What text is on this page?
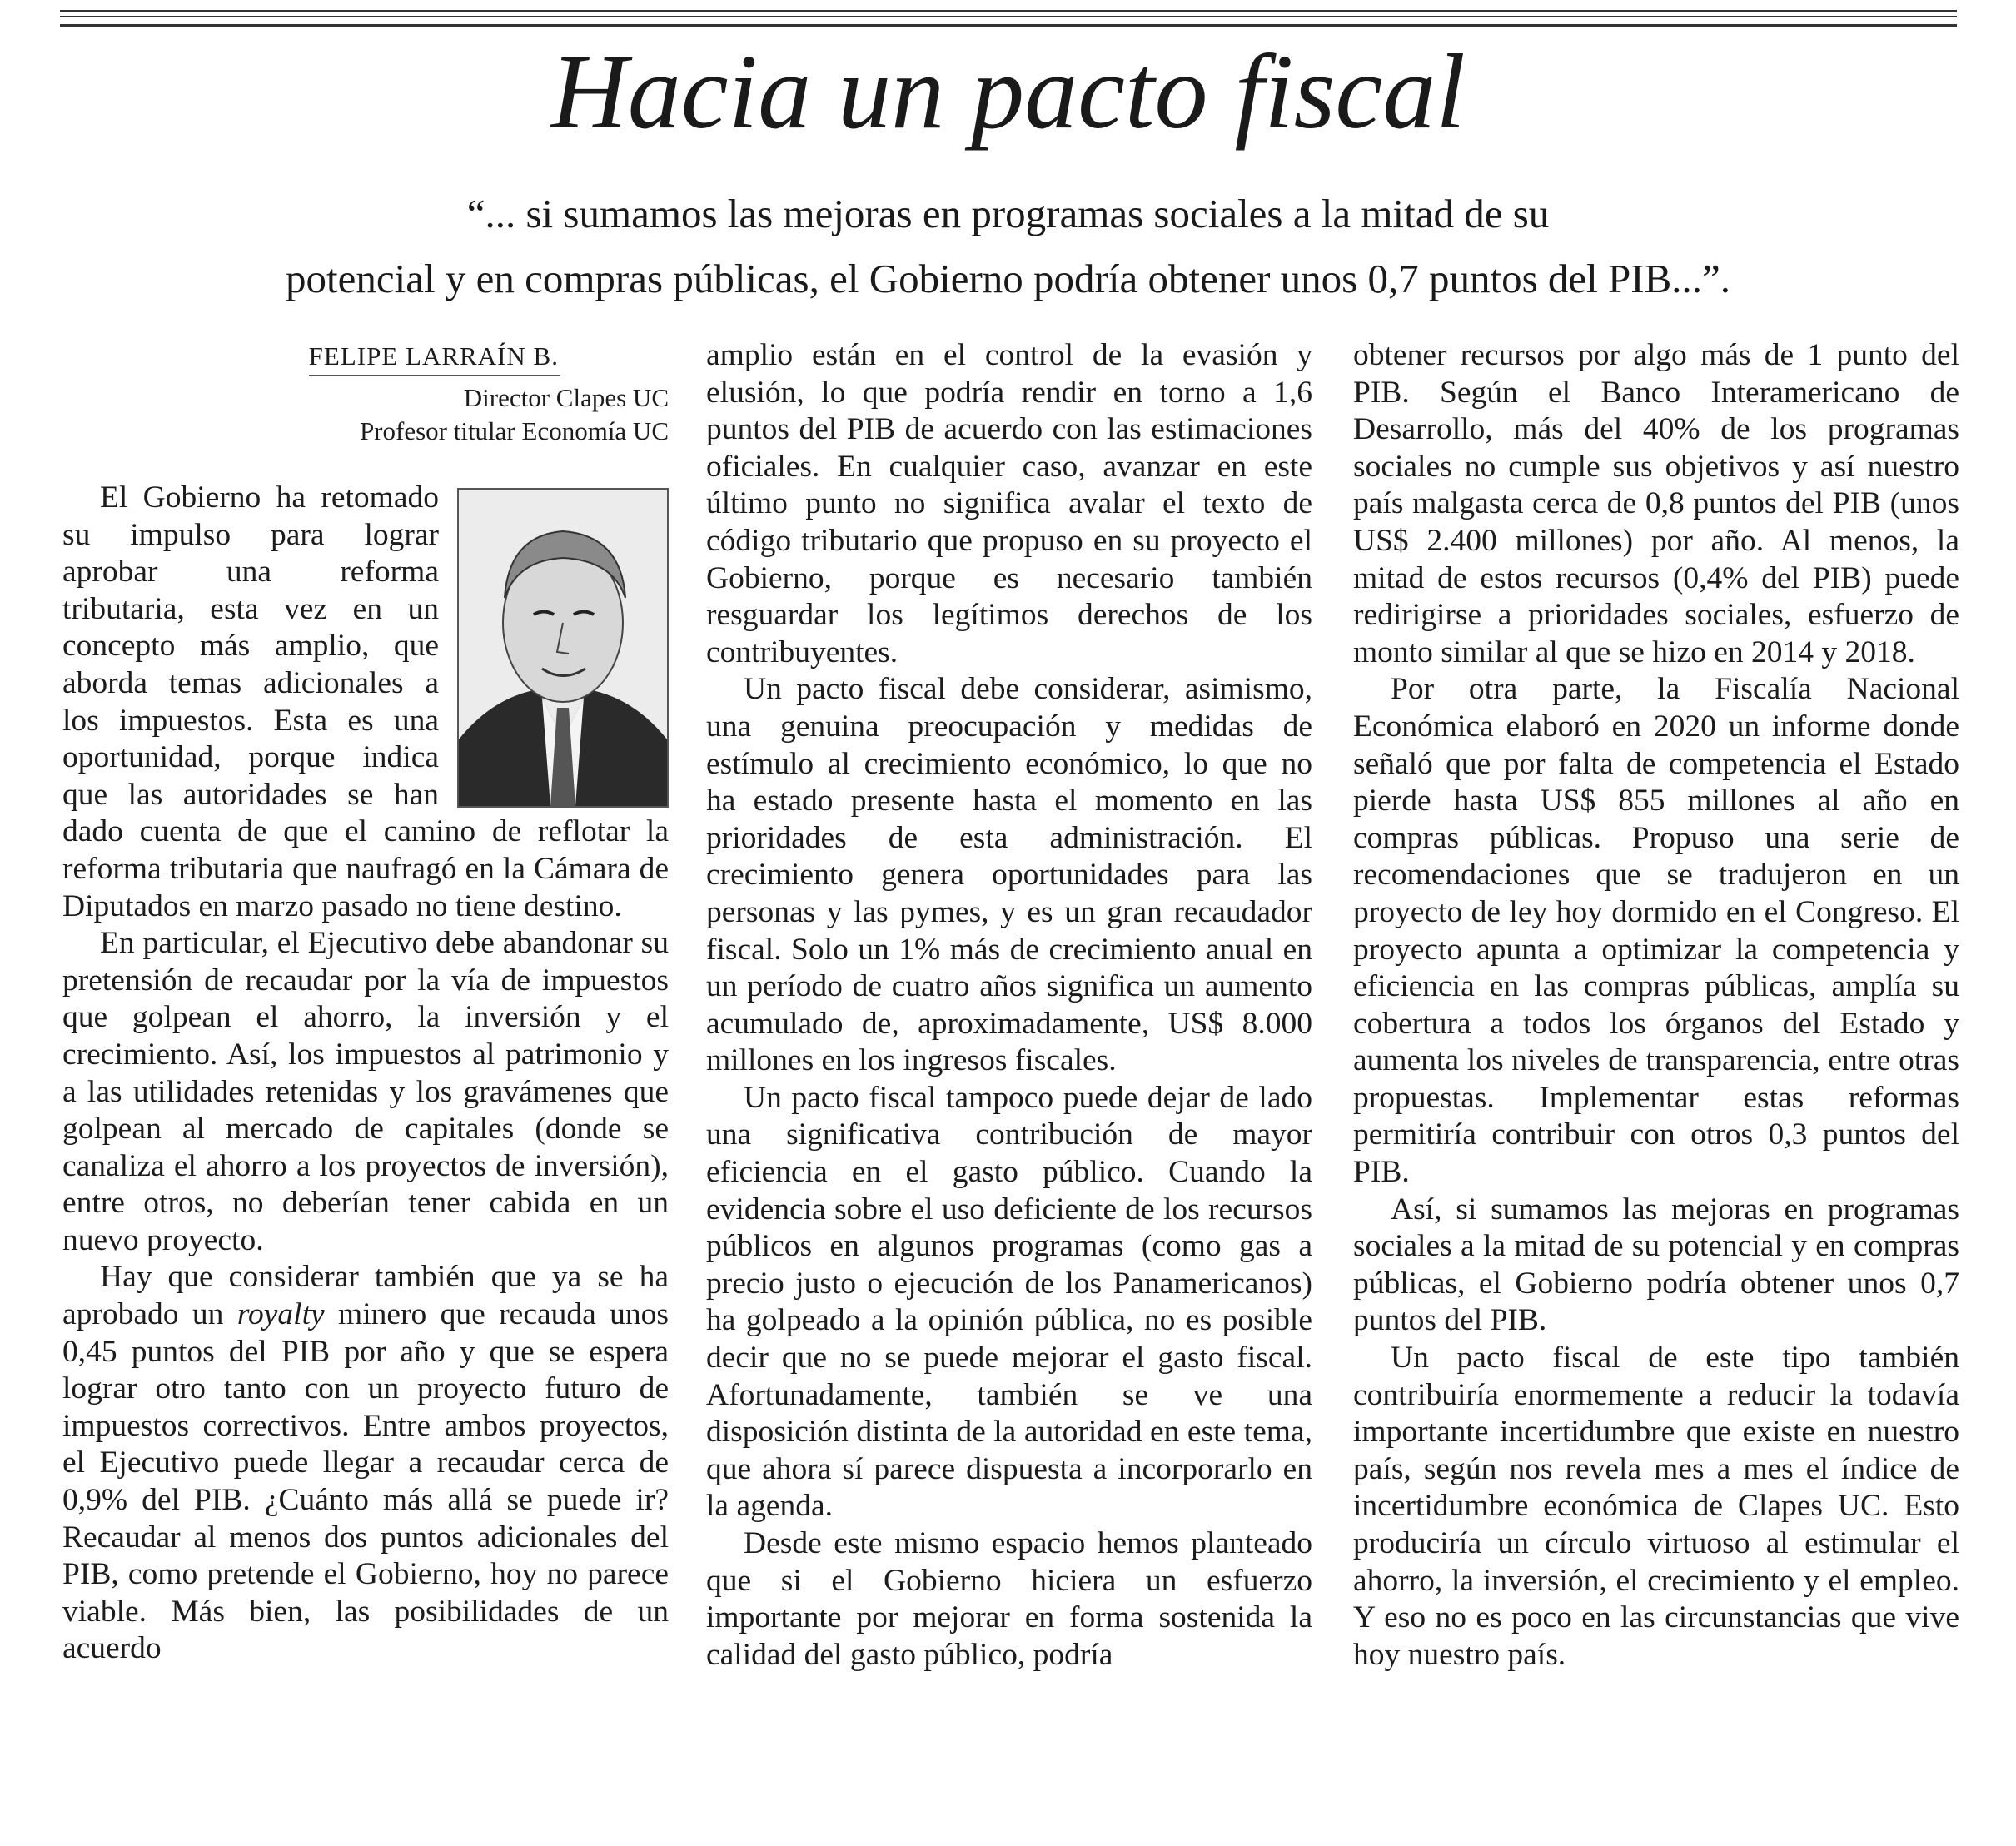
Hacia un pacto fiscal
“... si sumamos las mejoras en programas sociales a la mitad de su
potencial y en compras públicas, el Gobierno podría obtener unos 0,7 puntos del PIB...”.
FELIPE LARRAÍN B.
Director Clapes UC
Profesor titular Economía UC

El Gobierno ha retomado su impulso para lograr aprobar una reforma tributaria, esta vez en un concepto más amplio, que aborda temas adicionales a los impuestos. Esta es una oportunidad, porque indica que las autoridades se han dado cuenta de que el camino de reflotar la reforma tributaria que naufragó en la Cámara de Diputados en marzo pasado no tiene destino.

En particular, el Ejecutivo debe abandonar su pretensión de recaudar por la vía de impuestos que golpean el ahorro, la inversión y el crecimiento. Así, los impuestos al patrimonio y a las utilidades retenidas y los gravámenes que golpean al mercado de capitales (donde se canaliza el ahorro a los proyectos de inversión), entre otros, no deberían tener cabida en un nuevo proyecto.

Hay que considerar también que ya se ha aprobado un royalty minero que recauda unos 0,45 puntos del PIB por año y que se espera lograr otro tanto con un proyecto futuro de impuestos correctivos. Entre ambos proyectos, el Ejecutivo puede llegar a recaudar cerca de 0,9% del PIB. ¿Cuánto más allá se puede ir? Recaudar al menos dos puntos adicionales del PIB, como pretende el Gobierno, hoy no parece viable. Más bien, las posibilidades de un acuerdo

amplio están en el control de la evasión y elusión, lo que podría rendir en torno a 1,6 puntos del PIB de acuerdo con las estimaciones oficiales. En cualquier caso, avanzar en este último punto no significa avalar el texto de código tributario que propuso en su proyecto el Gobierno, porque es necesario también resguardar los legítimos derechos de los contribuyentes.

Un pacto fiscal debe considerar, asimismo, una genuina preocupación y medidas de estímulo al crecimiento económico, lo que no ha estado presente hasta el momento en las prioridades de esta administración. El crecimiento genera oportunidades para las personas y las pymes, y es un gran recaudador fiscal. Solo un 1% más de crecimiento anual en un período de cuatro años significa un aumento acumulado de, aproximadamente, US$ 8.000 millones en los ingresos fiscales.

Un pacto fiscal tampoco puede dejar de lado una significativa contribución de mayor eficiencia en el gasto público. Cuando la evidencia sobre el uso deficiente de los recursos públicos en algunos programas (como gas a precio justo o ejecución de los Panamericanos) ha golpeado a la opinión pública, no es posible decir que no se puede mejorar el gasto fiscal. Afortunadamente, también se ve una disposición distinta de la autoridad en este tema, que ahora sí parece dispuesta a incorporarlo en la agenda.

Desde este mismo espacio hemos planteado que si el Gobierno hiciera un esfuerzo importante por mejorar en forma sostenida la calidad del gasto público, podría

obtener recursos por algo más de 1 punto del PIB. Según el Banco Interamericano de Desarrollo, más del 40% de los programas sociales no cumple sus objetivos y así nuestro país malgasta cerca de 0,8 puntos del PIB (unos US$ 2.400 millones) por año. Al menos, la mitad de estos recursos (0,4% del PIB) puede redirigirse a prioridades sociales, esfuerzo de monto similar al que se hizo en 2014 y 2018.

Por otra parte, la Fiscalía Nacional Económica elaboró en 2020 un informe donde señaló que por falta de competencia el Estado pierde hasta US$ 855 millones al año en compras públicas. Propuso una serie de recomendaciones que se tradujeron en un proyecto de ley hoy dormido en el Congreso. El proyecto apunta a optimizar la competencia y eficiencia en las compras públicas, amplía su cobertura a todos los órganos del Estado y aumenta los niveles de transparencia, entre otras propuestas. Implementar estas reformas permitiría contribuir con otros 0,3 puntos del PIB.

Así, si sumamos las mejoras en programas sociales a la mitad de su potencial y en compras públicas, el Gobierno podría obtener unos 0,7 puntos del PIB.

Un pacto fiscal de este tipo también contribuiría enormemente a reducir la todavía importante incertidumbre que existe en nuestro país, según nos revela mes a mes el índice de incertidumbre económica de Clapes UC. Esto produciría un círculo virtuoso al estimular el ahorro, la inversión, el crecimiento y el empleo. Y eso no es poco en las circunstancias que vive hoy nuestro país.
